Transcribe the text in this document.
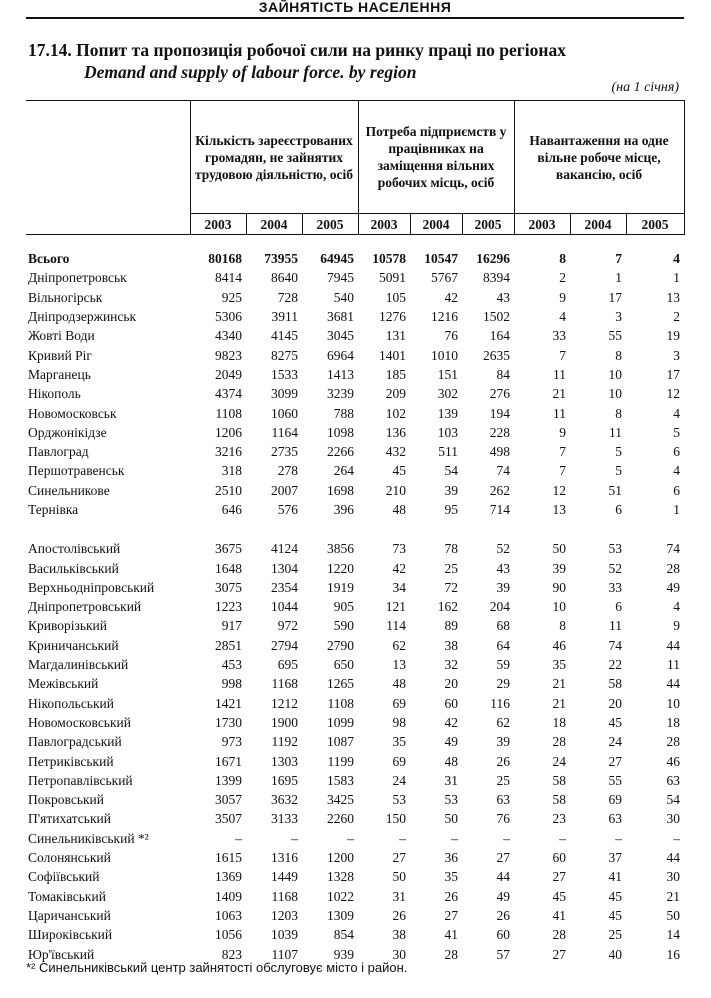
ЗАЙНЯТІСТЬ НАСЕЛЕННЯ
17.14. Попит та пропозиція робочої сили на ринку праці по регіонах
Demand and supply of labour force. by region
(на 1 січня)
	Кількість зареєстрованих громадян, не зайнятих трудовою діяльністю, осіб			Потреба підприємств у працівниках на заміщення вільних робочих місць, осіб			Навантаження на одне вільне робоче місце, вакансію, осіб		
	2003	2004	2005	2003	2004	2005	2003	2004	2005

Всього	80168	73955	64945	10578	10547	16296	8	7	4
Дніпропетровськ	8414	8640	7945	5091	5767	8394	2	1	1
Вільногірськ	925	728	540	105	42	43	9	17	13
Дніпродзержинськ	5306	3911	3681	1276	1216	1502	4	3	2
Жовті Води	4340	4145	3045	131	76	164	33	55	19
Кривий Ріг	9823	8275	6964	1401	1010	2635	7	8	3
Марганець	2049	1533	1413	185	151	84	11	10	17
Нікополь	4374	3099	3239	209	302	276	21	10	12
Новомосковськ	1108	1060	788	102	139	194	11	8	4
Орджонікідзе	1206	1164	1098	136	103	228	9	11	5
Павлоград	3216	2735	2266	432	511	498	7	5	6
Першотравенськ	318	278	264	45	54	74	7	5	4
Синельникове	2510	2007	1698	210	39	262	12	51	6
Тернівка	646	576	396	48	95	714	13	6	1

Апостолівський	3675	4124	3856	73	78	52	50	53	74
Васильківський	1648	1304	1220	42	25	43	39	52	28
Верхньодніпровський	3075	2354	1919	34	72	39	90	33	49
Дніпропетровський	1223	1044	905	121	162	204	10	6	4
Криворізький	917	972	590	114	89	68	8	11	9
Криничанський	2851	2794	2790	62	38	64	46	74	44
Магдалинівський	453	695	650	13	32	59	35	22	11
Межівський	998	1168	1265	48	20	29	21	58	44
Нікопольський	1421	1212	1108	69	60	116	21	20	10
Новомосковський	1730	1900	1099	98	42	62	18	45	18
Павлоградський	973	1192	1087	35	49	39	28	24	28
Петриківський	1671	1303	1199	69	48	26	24	27	46
Петропавлівський	1399	1695	1583	24	31	25	58	55	63
Покровський	3057	3632	3425	53	53	63	58	69	54
П'ятихатський	3507	3133	2260	150	50	76	23	63	30
Синельниківський *²	–	–	–	–	–	–	–	–	–
Солонянський	1615	1316	1200	27	36	27	60	37	44
Софіївський	1369	1449	1328	50	35	44	27	41	30
Томаківський	1409	1168	1022	31	26	49	45	45	21
Царичанський	1063	1203	1309	26	27	26	41	45	50
Широківський	1056	1039	854	38	41	60	28	25	14
Юр'ївський	823	1107	939	30	28	57	27	40	16
*² Синельниківський центр зайнятості обслуговує місто і район.
